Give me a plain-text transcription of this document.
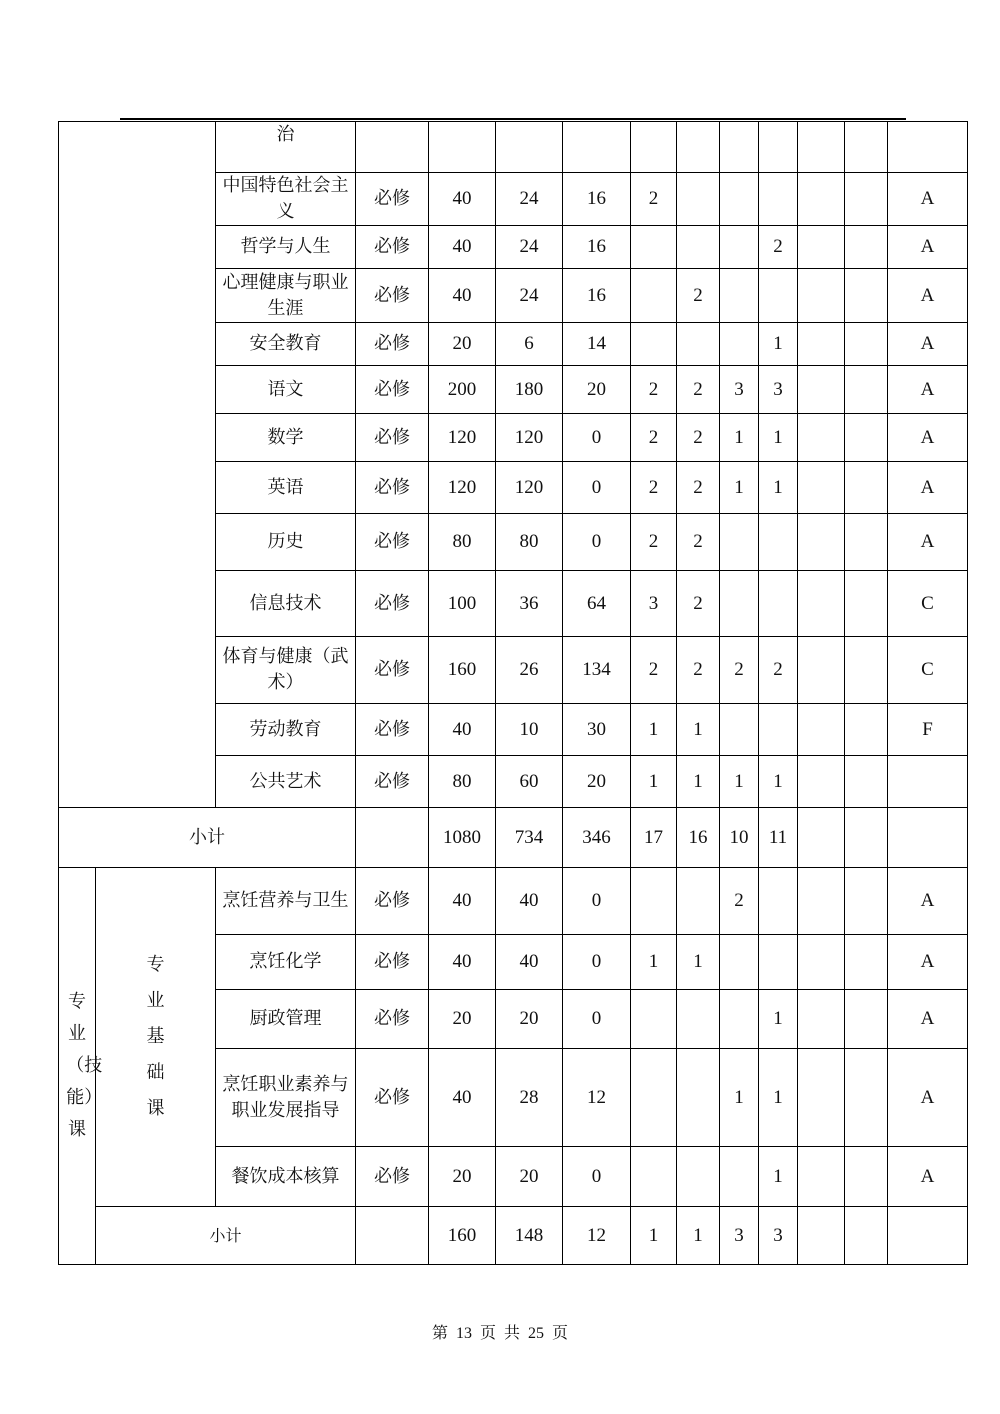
		治											
		中国特色社会主义	必修	40	24	16	2						A
		哲学与人生	必修	40	24	16				2			A
		心理健康与职业生涯	必修	40	24	16		2					A
		安全教育	必修	20	6	14				1			A
		语文	必修	200	180	20	2	2	3	3			A
		数学	必修	120	120	0	2	2	1	1			A
		英语	必修	120	120	0	2	2	1	1			A
		历史	必修	80	80	0	2	2					A
		信息技术	必修	100	36	64	3	2					C
		体育与健康（武术）	必修	160	26	134	2	2	2	2			C
		劳动教育	必修	40	10	30	1	1					F
		公共艺术	必修	80	60	20	1	1	1	1			
小计				1080	734	346	17	16	10	11			
专业（技能）课	专业基础课	烹饪营养与卫生	必修	40	40	0			2				A
		烹饪化学	必修	40	40	0	1	1					A
		厨政管理	必修	20	20	0				1			A
		烹饪职业素养与职业发展指导	必修	40	28	12			1	1			A
		餐饮成本核算	必修	20	20	0				1			A
	小计			160	148	12	1	1	3	3			
第 13 页 共 25 页
